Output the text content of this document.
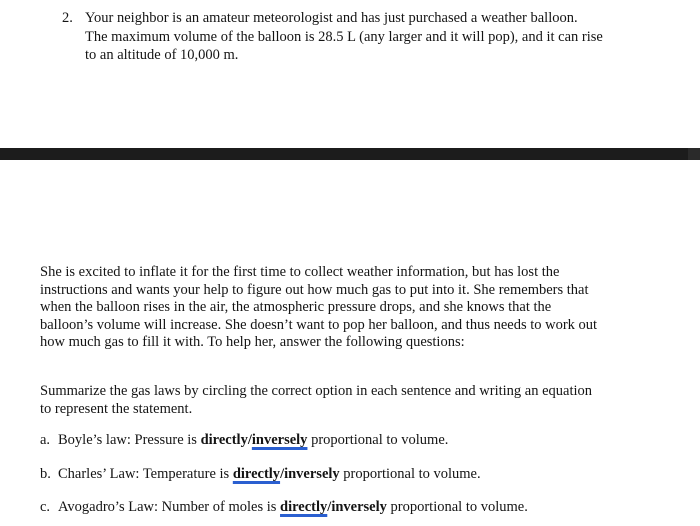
2. Your neighbor is an amateur meteorologist and has just purchased a weather balloon.
The maximum volume of the balloon is 28.5 L (any larger and it will pop), and it can rise
to an altitude of 10,000 m.
She is excited to inflate it for the first time to collect weather information, but has lost the
instructions and wants your help to figure out how much gas to put into it. She remembers that
when the balloon rises in the air, the atmospheric pressure drops, and she knows that the
balloon’s volume will increase. She doesn’t want to pop her balloon, and thus needs to work out
how much gas to fill it with. To help her, answer the following questions:
Summarize the gas laws by circling the correct option in each sentence and writing an equation
to represent the statement.
a. Boyle’s law: Pressure is directly/inversely proportional to volume.
b. Charles’ Law: Temperature is directly/inversely proportional to volume.
c. Avogadro’s Law: Number of moles is directly/inversely proportional to volume.
